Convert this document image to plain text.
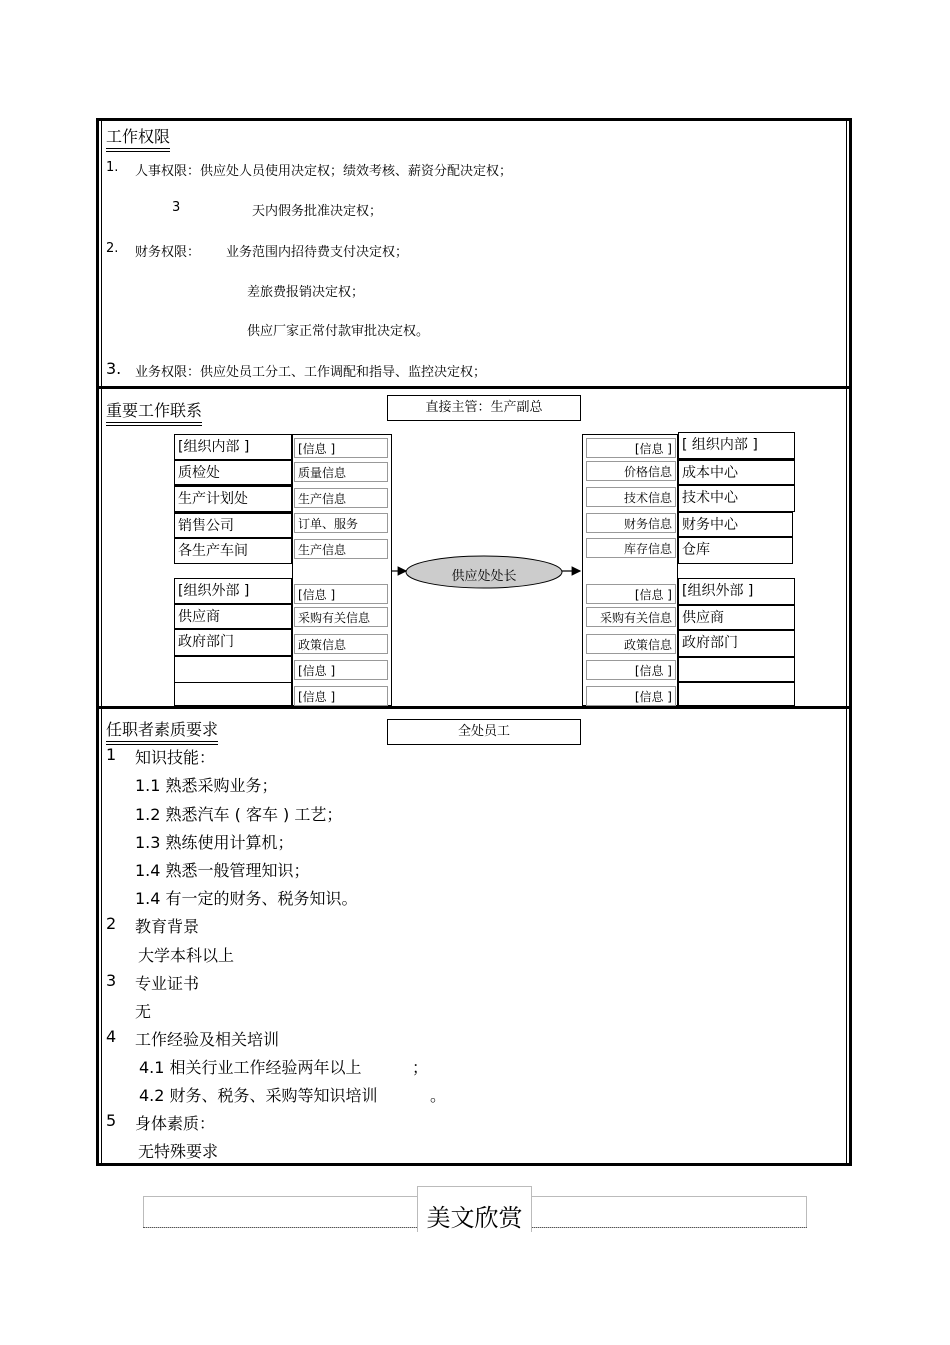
工作权限
1. 人事权限：供应处人员使用决定权；绩效考核、薪资分配决定权；
3	天内假务批准决定权；
2. 财务权限： 业务范围内招待费支付决定权；
差旅费报销决定权；
供应厂家正常付款审批决定权。
3. 业务权限：供应处员工分工、工作调配和指导、监控决定权；
重要工作联系	直接主管：生产副总
[组织内部 ]	[信息 ]
质检处	质量信息
生产计划处	生产信息
销售公司	订单、服务
各生产车间	生产信息
[组织外部 ]	[信息 ]
供应商	采购有关信息
政府部门	政策信息
[信息 ]
[信息 ]
[信息 ] [ 组织内部 ]
价格信息 成本中心
技术信息 技术中心
财务信息 财务中心
库存信息 仓库
[信息 ] [组织外部 ]
采购有关信息 供应商
政策信息 政府部门
[信息 ]
[信息 ]
供应处处长
任职者素质要求	全处员工
1 知识技能：
1.1 熟悉采购业务；
1.2 熟悉汽车 ( 客车 ) 工艺；
1.3 熟练使用计算机；
1.4 熟悉一般管理知识；
1.4 有一定的财务、税务知识。
2 教育背景
大学本科以上
3 专业证书
无
4 工作经验及相关培训
4.1 相关行业工作经验两年以上	；
4.2 财务、税务、采购等知识培训	。
5 身体素质：
无特殊要求
美文欣赏
